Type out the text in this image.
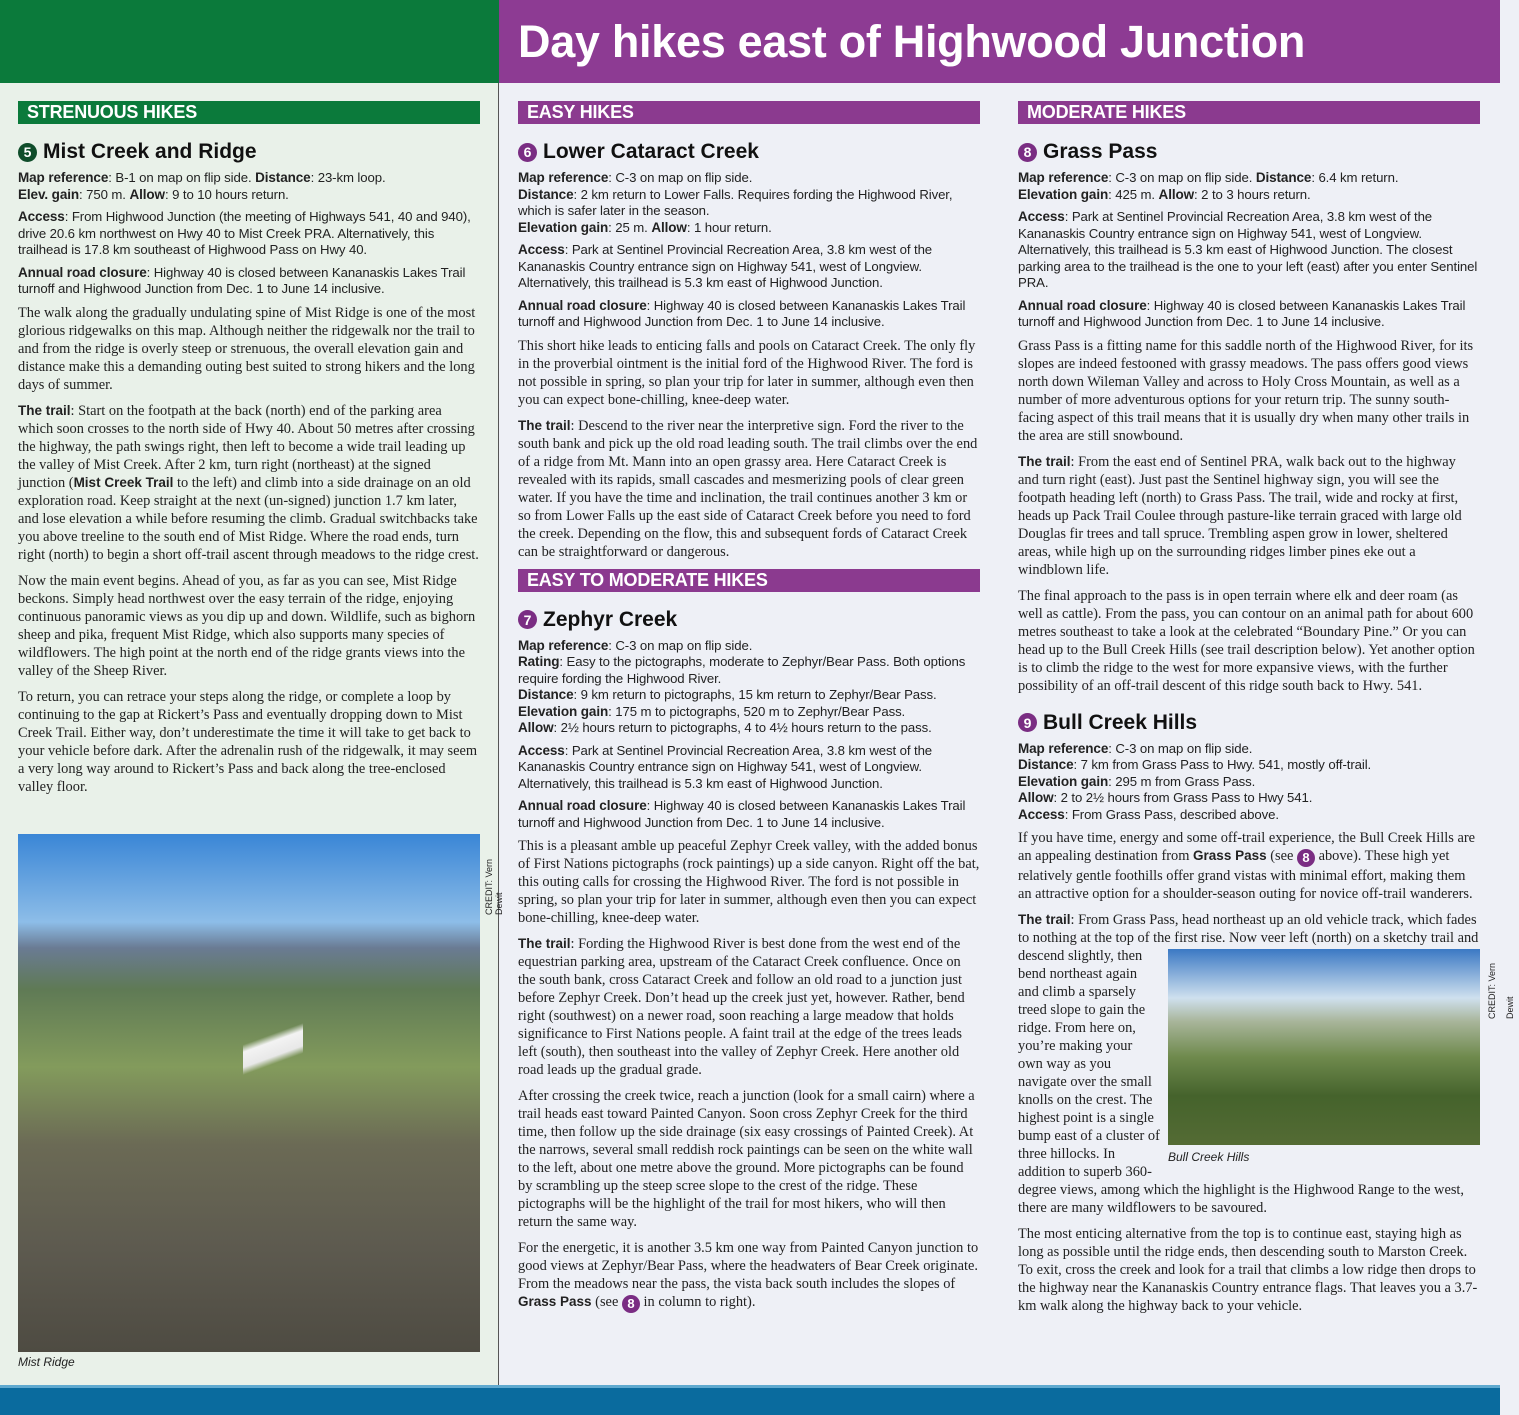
Day hikes east of Highwood Junction
CREDIT: Vern Dewit
Mist Ridge
STRENUOUS HIKES
5 Mist Creek and Ridge

Map reference: B-1 on map on flip side. Distance: 23-km loop.
Elev. gain: 750 m. Allow: 9 to 10 hours return.

Access: From Highwood Junction (the meeting of Highways 541, 40 and 940), drive 20.6 km northwest on Hwy 40 to Mist Creek PRA. Alternatively, this trailhead is 17.8 km southeast of Highwood Pass on Hwy 40.

Annual road closure: Highway 40 is closed between Kananaskis Lakes Trail turnoff and Highwood Junction from Dec. 1 to June 14 inclusive.

The walk along the gradually undulating spine of Mist Ridge is one of the most glorious ridgewalks on this map. Although neither the ridgewalk nor the trail to and from the ridge is overly steep or strenuous, the overall elevation gain and distance make this a demanding outing best suited to strong hikers and the long days of summer.

The trail: Start on the footpath at the back (north) end of the parking area which soon crosses to the north side of Hwy 40. About 50 metres after crossing the highway, the path swings right, then left to become a wide trail leading up the valley of Mist Creek. After 2 km, turn right (northeast) at the signed junction (Mist Creek Trail to the left) and climb into a side drainage on an old exploration road. Keep straight at the next (un-signed) junction 1.7 km later, and lose elevation a while before resuming the climb. Gradual switchbacks take you above treeline to the south end of Mist Ridge. Where the road ends, turn right (north) to begin a short off-trail ascent through meadows to the ridge crest.

Now the main event begins. Ahead of you, as far as you can see, Mist Ridge beckons. Simply head northwest over the easy terrain of the ridge, enjoying continuous panoramic views as you dip up and down. Wildlife, such as bighorn sheep and pika, frequent Mist Ridge, which also supports many species of wildflowers. The high point at the north end of the ridge grants views into the valley of the Sheep River.

To return, you can retrace your steps along the ridge, or complete a loop by continuing to the gap at Rickert’s Pass and eventually dropping down to Mist Creek Trail. Either way, don’t underestimate the time it will take to get back to your vehicle before dark. After the adrenalin rush of the ridgewalk, it may seem a very long way around to Rickert’s Pass and back along the tree-enclosed valley floor.

EASY HIKES
6 Lower Cataract Creek

Map reference: C-3 on map on flip side.
Distance: 2 km return to Lower Falls. Requires fording the Highwood River, which is safer later in the season.
Elevation gain: 25 m. Allow: 1 hour return.

Access: Park at Sentinel Provincial Recreation Area, 3.8 km west of the Kananaskis Country entrance sign on Highway 541, west of Longview. Alternatively, this trailhead is 5.3 km east of Highwood Junction.

Annual road closure: Highway 40 is closed between Kananaskis Lakes Trail turnoff and Highwood Junction from Dec. 1 to June 14 inclusive.

This short hike leads to enticing falls and pools on Cataract Creek. The only fly in the proverbial ointment is the initial ford of the Highwood River. The ford is not possible in spring, so plan your trip for later in summer, although even then you can expect bone-chilling, knee-deep water.

The trail: Descend to the river near the interpretive sign. Ford the river to the south bank and pick up the old road leading south. The trail climbs over the end of a ridge from Mt. Mann into an open grassy area. Here Cataract Creek is revealed with its rapids, small cascades and mesmerizing pools of clear green water. If you have the time and inclination, the trail continues another 3 km or so from Lower Falls up the east side of Cataract Creek before you need to ford the creek. Depending on the flow, this and subsequent fords of Cataract Creek can be straightforward or dangerous.

EASY TO MODERATE HIKES
7 Zephyr Creek

Map reference: C-3 on map on flip side.
Rating: Easy to the pictographs, moderate to Zephyr/Bear Pass. Both options require fording the Highwood River.
Distance: 9 km return to pictographs, 15 km return to Zephyr/Bear Pass.
Elevation gain: 175 m to pictographs, 520 m to Zephyr/Bear Pass.
Allow: 2½ hours return to pictographs, 4 to 4½ hours return to the pass.

Access: Park at Sentinel Provincial Recreation Area, 3.8 km west of the Kananaskis Country entrance sign on Highway 541, west of Longview. Alternatively, this trailhead is 5.3 km east of Highwood Junction.

Annual road closure: Highway 40 is closed between Kananaskis Lakes Trail turnoff and Highwood Junction from Dec. 1 to June 14 inclusive.

This is a pleasant amble up peaceful Zephyr Creek valley, with the added bonus of First Nations pictographs (rock paintings) up a side canyon. Right off the bat, this outing calls for crossing the Highwood River. The ford is not possible in spring, so plan your trip for later in summer, although even then you can expect bone-chilling, knee-deep water.

The trail: Fording the Highwood River is best done from the west end of the equestrian parking area, upstream of the Cataract Creek confluence. Once on the south bank, cross Cataract Creek and follow an old road to a junction just before Zephyr Creek. Don’t head up the creek just yet, however. Rather, bend right (southwest) on a newer road, soon reaching a large meadow that holds significance to First Nations people. A faint trail at the edge of the trees leads left (south), then southeast into the valley of Zephyr Creek. Here another old road leads up the gradual grade.

After crossing the creek twice, reach a junction (look for a small cairn) where a trail heads east toward Painted Canyon. Soon cross Zephyr Creek for the third time, then follow up the side drainage (six easy crossings of Painted Creek). At the narrows, several small reddish rock paintings can be seen on the white wall to the left, about one metre above the ground. More pictographs can be found by scrambling up the steep scree slope to the crest of the ridge. These pictographs will be the highlight of the trail for most hikers, who will then return the same way.

For the energetic, it is another 3.5 km one way from Painted Canyon junction to good views at Zephyr/Bear Pass, where the headwaters of Bear Creek originate. From the meadows near the pass, the vista back south includes the slopes of Grass Pass (see 8 in column to right).

MODERATE HIKES
8 Grass Pass

Map reference: C-3 on map on flip side. Distance: 6.4 km return.
Elevation gain: 425 m. Allow: 2 to 3 hours return.

Access: Park at Sentinel Provincial Recreation Area, 3.8 km west of the Kananaskis Country entrance sign on Highway 541, west of Longview. Alternatively, this trailhead is 5.3 km east of Highwood Junction. The closest parking area to the trailhead is the one to your left (east) after you enter Sentinel PRA.

Annual road closure: Highway 40 is closed between Kananaskis Lakes Trail turnoff and Highwood Junction from Dec. 1 to June 14 inclusive.

Grass Pass is a fitting name for this saddle north of the Highwood River, for its slopes are indeed festooned with grassy meadows. The pass offers good views north down Wileman Valley and across to Holy Cross Mountain, as well as a number of more adventurous options for your return trip. The sunny south-facing aspect of this trail means that it is usually dry when many other trails in the area are still snowbound.

The trail: From the east end of Sentinel PRA, walk back out to the highway and turn right (east). Just past the Sentinel highway sign, you will see the footpath heading left (north) to Grass Pass. The trail, wide and rocky at first, heads up Pack Trail Coulee through pasture-like terrain graced with large old Douglas fir trees and tall spruce. Trembling aspen grow in lower, sheltered areas, while high up on the surrounding ridges limber pines eke out a windblown life.

The final approach to the pass is in open terrain where elk and deer roam (as well as cattle). From the pass, you can contour on an animal path for about 600 metres southeast to take a look at the celebrated “Boundary Pine.” Or you can head up to the Bull Creek Hills (see trail description below). Yet another option is to climb the ridge to the west for more expansive views, with the further possibility of an off-trail descent of this ridge south back to Hwy. 541.

9 Bull Creek Hills

Map reference: C-3 on map on flip side.
Distance: 7 km from Grass Pass to Hwy. 541, mostly off-trail.
Elevation gain: 295 m from Grass Pass.
Allow: 2 to 2½ hours from Grass Pass to Hwy 541.
Access: From Grass Pass, described above.

If you have time, energy and some off-trail experience, the Bull Creek Hills are an appealing destination from Grass Pass (see 8 above). These high yet relatively gentle foothills offer grand vistas with minimal effort, making them an attractive option for a shoulder-season outing for novice off-trail wanderers.

Bull Creek Hills
CREDIT: Vern Dewit
The trail: From Grass Pass, head northeast up an old vehicle track, which fades to nothing at the top of the first rise. Now veer left (north) on a sketchy trail and descend slightly, then bend northeast again and climb a sparsely treed slope to gain the ridge. From here on, you’re making your own way as you navigate over the small knolls on the crest. The highest point is a single bump east of a cluster of three hillocks. In addition to superb 360-degree views, among which the highlight is the Highwood Range to the west, there are many wildflowers to be savoured.

The most enticing alternative from the top is to continue east, staying high as long as possible until the ridge ends, then descending south to Marston Creek. To exit, cross the creek and look for a trail that climbs a low ridge then drops to the highway near the Kananaskis Country entrance flags. That leaves you a 3.7-km walk along the highway back to your vehicle.
